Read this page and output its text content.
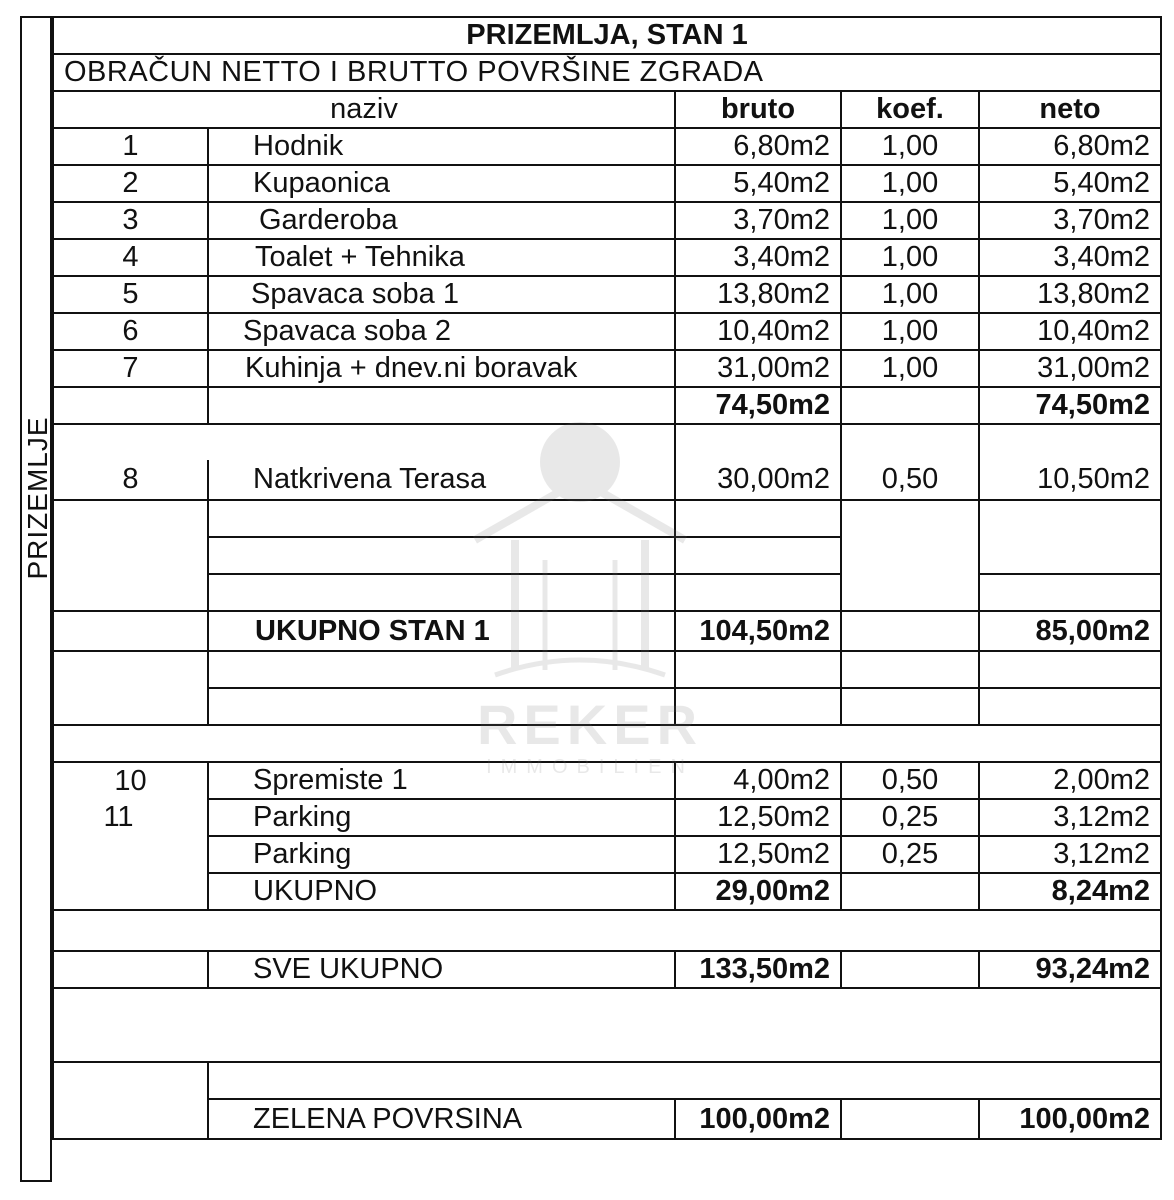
PRIZEMLJE
PRIZEMLJA, STAN 1				
OBRAČUN NETTO I BRUTTO POVRŠINE ZGRADA				
naziv		bruto	koef.	neto
1	Hodnik	6,80m2	1,00	6,80m2
2	Kupaonica	5,40m2	1,00	5,40m2
3	Garderoba	3,70m2	1,00	3,70m2
4	Toalet + Tehnika	3,40m2	1,00	3,40m2
5	Spavaca soba 1	13,80m2	1,00	13,80m2
6	Spavaca soba 2	10,40m2	1,00	10,40m2
7	Kuhinja + dnev.ni boravak	31,00m2	1,00	31,00m2
		74,50m2		74,50m2

8	Natkrivena Terasa	30,00m2	0,50	10,50m2

	UKUPNO STAN 1	104,50m2		85,00m2

10	Spremiste 1	4,00m2	0,50	2,00m2
11	Parking	12,50m2	0,25	3,12m2
	Parking	12,50m2	0,25	3,12m2
	UKUPNO	29,00m2		8,24m2

	SVE UKUPNO	133,50m2		93,24m2

	ZELENA POVRSINA	100,00m2		100,00m2
REKER
IMMOBILIEN
